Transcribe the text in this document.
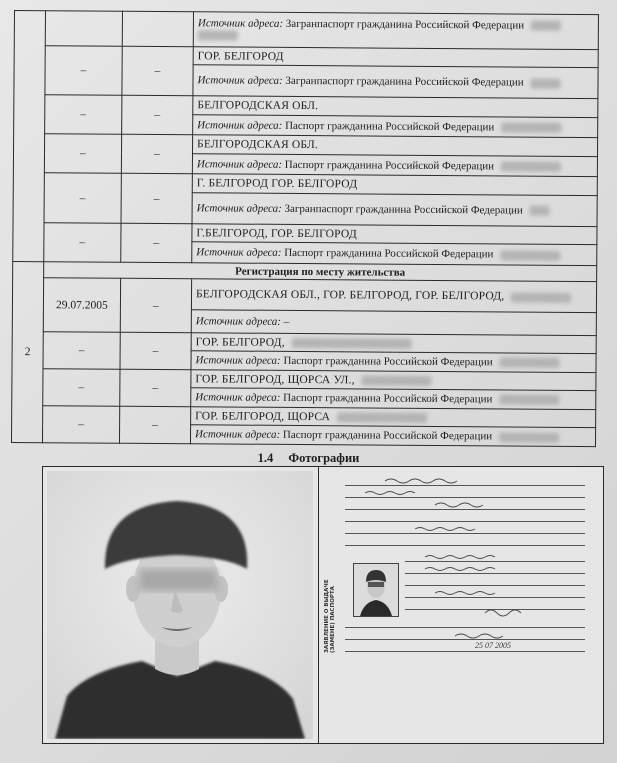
			Источник адреса: Загранпаспорт гражданина Российской Федерации

	–	–	ГОР. БЕЛГОРОД
			Источник адреса: Загранпаспорт гражданина Российской Федерации
	–	–	БЕЛГОРОДСКАЯ ОБЛ.
			Источник адреса: Паспорт гражданина Российской Федерации
	–	–	БЕЛГОРОДСКАЯ ОБЛ.
			Источник адреса: Паспорт гражданина Российской Федерации
	–	–	Г. БЕЛГОРОД ГОР. БЕЛГОРОД
			Источник адреса: Загранпаспорт гражданина Российской Федерации
	–	–	Г.БЕЛГОРОД, ГОР. БЕЛГОРОД
			Источник адреса: Паспорт гражданина Российской Федерации
2	Регистрация по месту жительства		
	29.07.2005	–	БЕЛГОРОДСКАЯ ОБЛ., ГОР. БЕЛГОРОД, ГОР. БЕЛГОРОД,
			Источник адреса: –
	–	–	ГОР. БЕЛГОРОД,
			Источник адреса: Паспорт гражданина Российской Федерации
	–	–	ГОР. БЕЛГОРОД, ЩОРСА УЛ.,
			Источник адреса: Паспорт гражданина Российской Федерации
	–	–	ГОР. БЕЛГОРОД, ЩОРСА
			Источник адреса: Паспорт гражданина Российской Федерации
1.4 Фотографии
ЗАЯВЛЕНИЕ О ВЫДАЧЕ (ЗАМЕНЕ) ПАСПОРТА	25 07 2005
